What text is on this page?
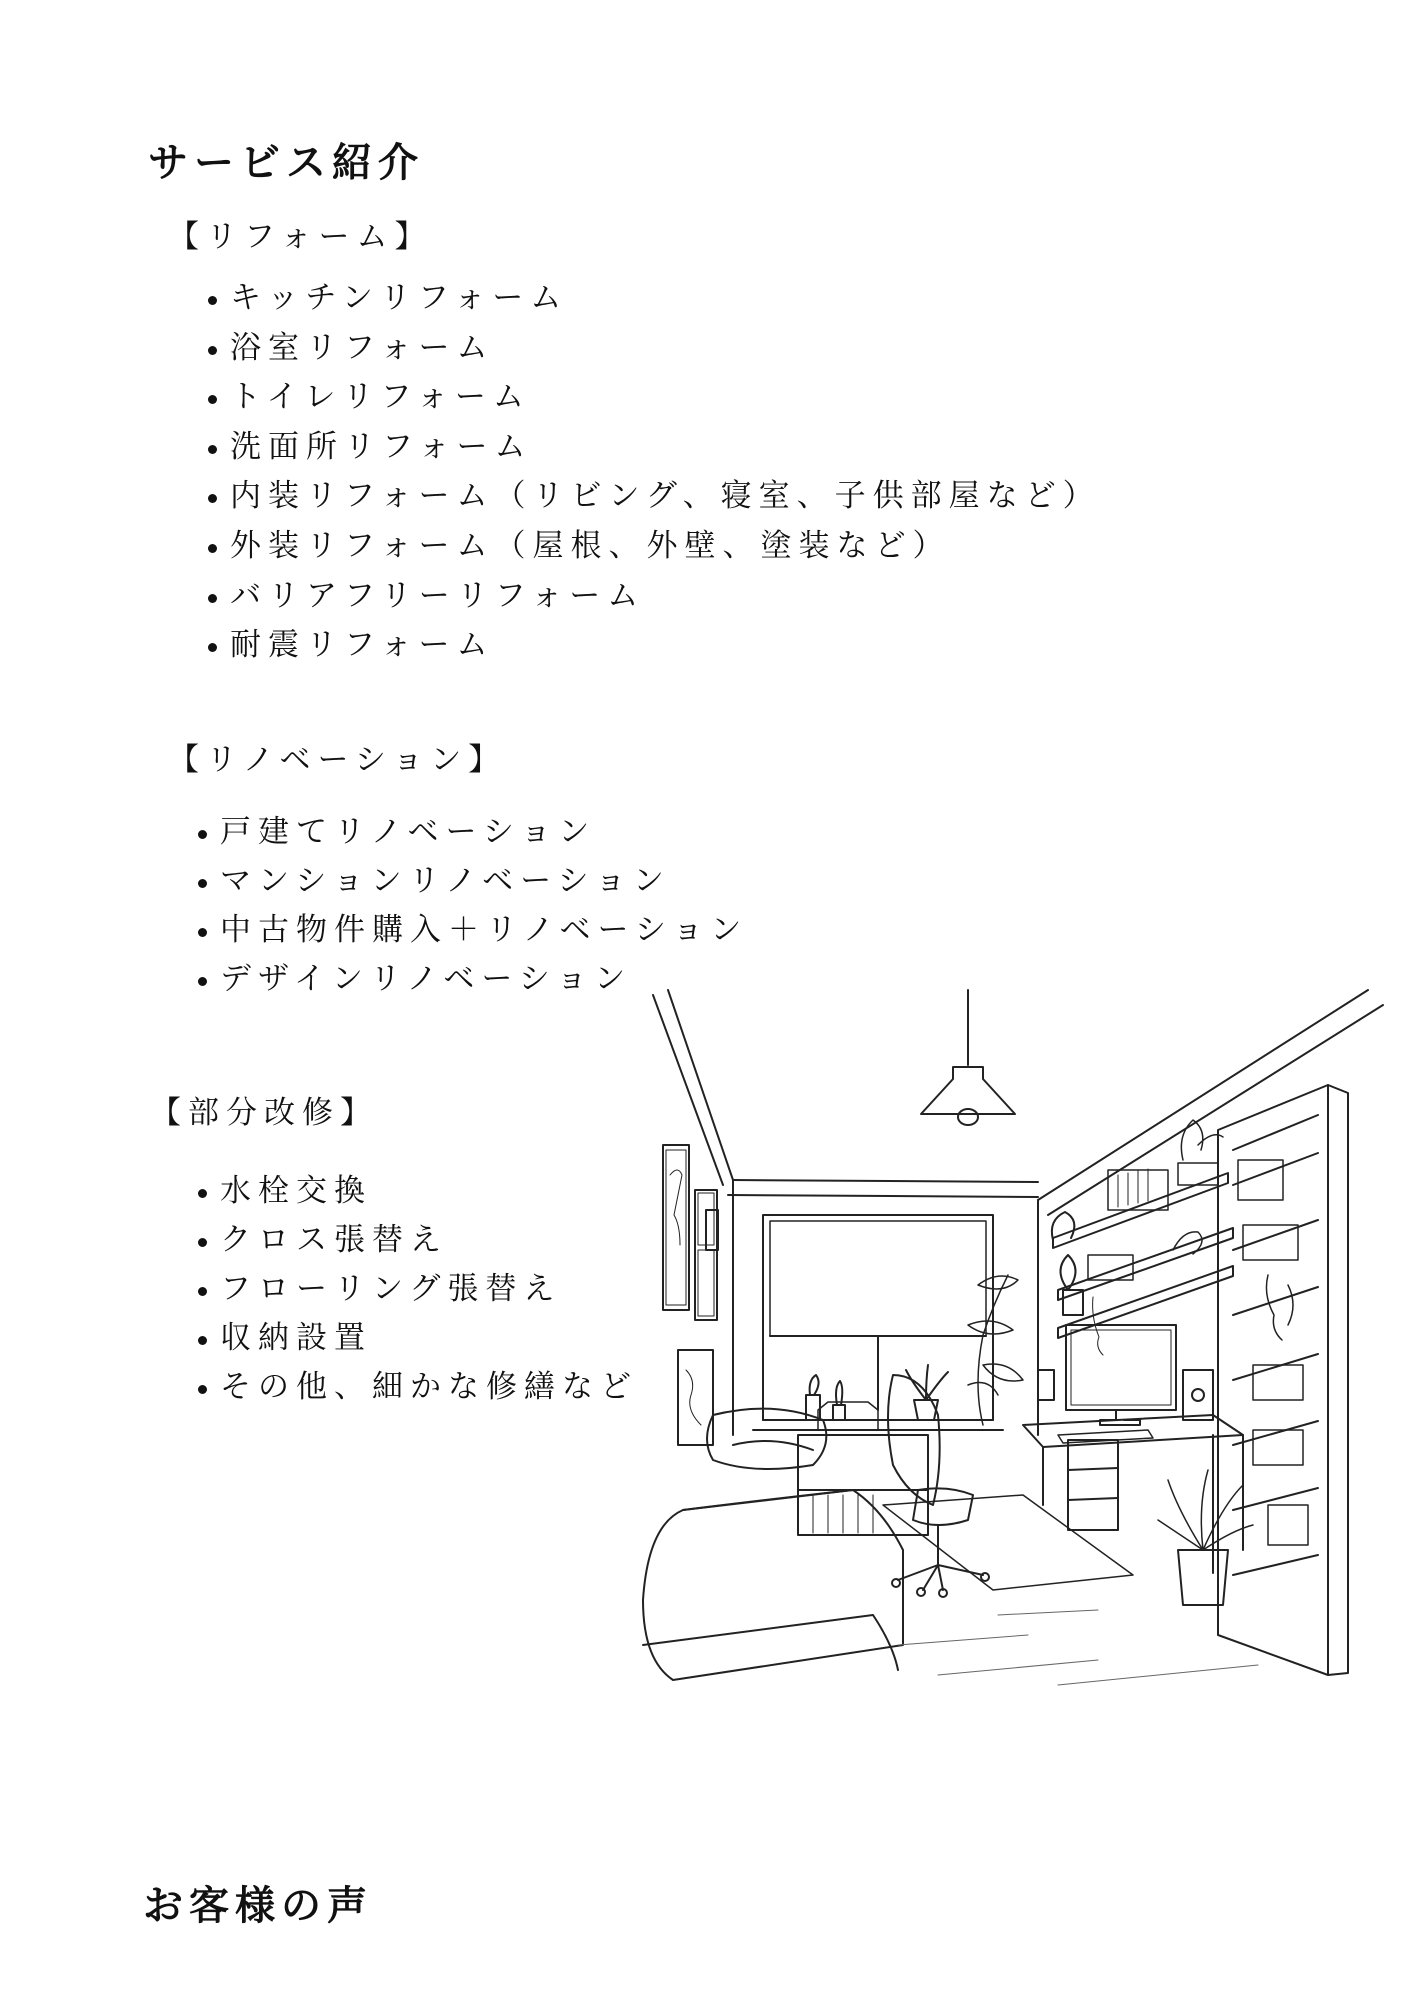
サービス紹介
【リフォーム】
キッチンリフォーム
浴室リフォーム
トイレリフォーム
洗面所リフォーム
内装リフォーム（リビング、寝室、子供部屋など）
外装リフォーム（屋根、外壁、塗装など）
バリアフリーリフォーム
耐震リフォーム
【リノベーション】
戸建てリノベーション
マンションリノベーション
中古物件購入＋リノベーション
デザインリノベーション
【部分改修】
水栓交換
クロス張替え
フローリング張替え
収納設置
その他、細かな修繕など
お客様の声
